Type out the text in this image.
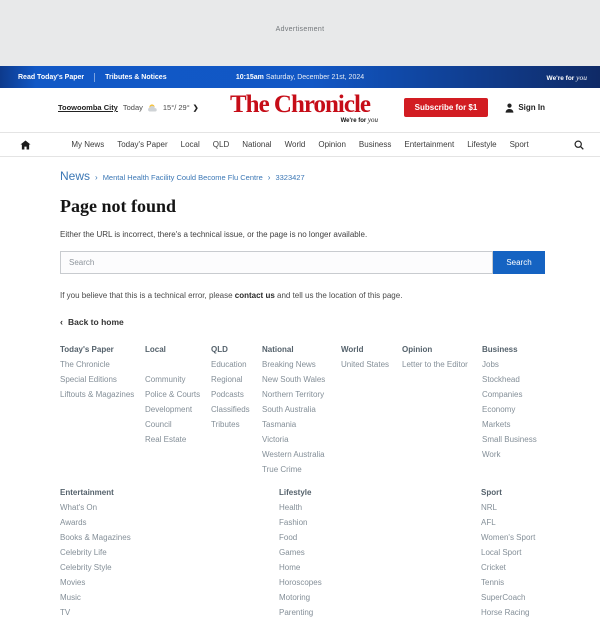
Advertisement
Read Today's Paper	Tributes & Notices	10:15am Saturday, December 21st, 2024	We're for you
Toowoomba City Today	15°/ 29° ❯	The Chronicle
We're for you
Subscribe for $1	Sign In
My News Today's Paper Local QLD National World Opinion Business Entertainment Lifestyle Sport
News › Mental Health Facility Could Become Flu Centre › 3323427
Page not found
Either the URL is incorrect, there's a technical issue, or the page is no longer available.
Search
Search
If you believe that this is a technical error, please contact us and tell us the location of this page.
‹ Back to home
Today's Paper
The Chronicle
Special Editions
Liftouts & Magazines
Local
Community
Police & Courts
Development
Council
Real Estate
QLD
Education
Regional
Podcasts
Classifieds
Tributes
National
Breaking News
New South Wales
Northern Territory
South Australia
Tasmania
Victoria
Western Australia
True Crime
World
United States
Opinion
Letter to the Editor
Business
Jobs
Stockhead
Companies
Economy
Markets
Small Business
Work
Entertainment
What's On
Awards
Books & Magazines
Celebrity Life
Celebrity Style
Movies
Music
TV
Lifestyle
Health
Fashion
Food
Games
Home
Horoscopes
Motoring
Parenting
Sport
NRL
AFL
Women's Sport
Local Sport
Cricket
Tennis
SuperCoach
Horse Racing
